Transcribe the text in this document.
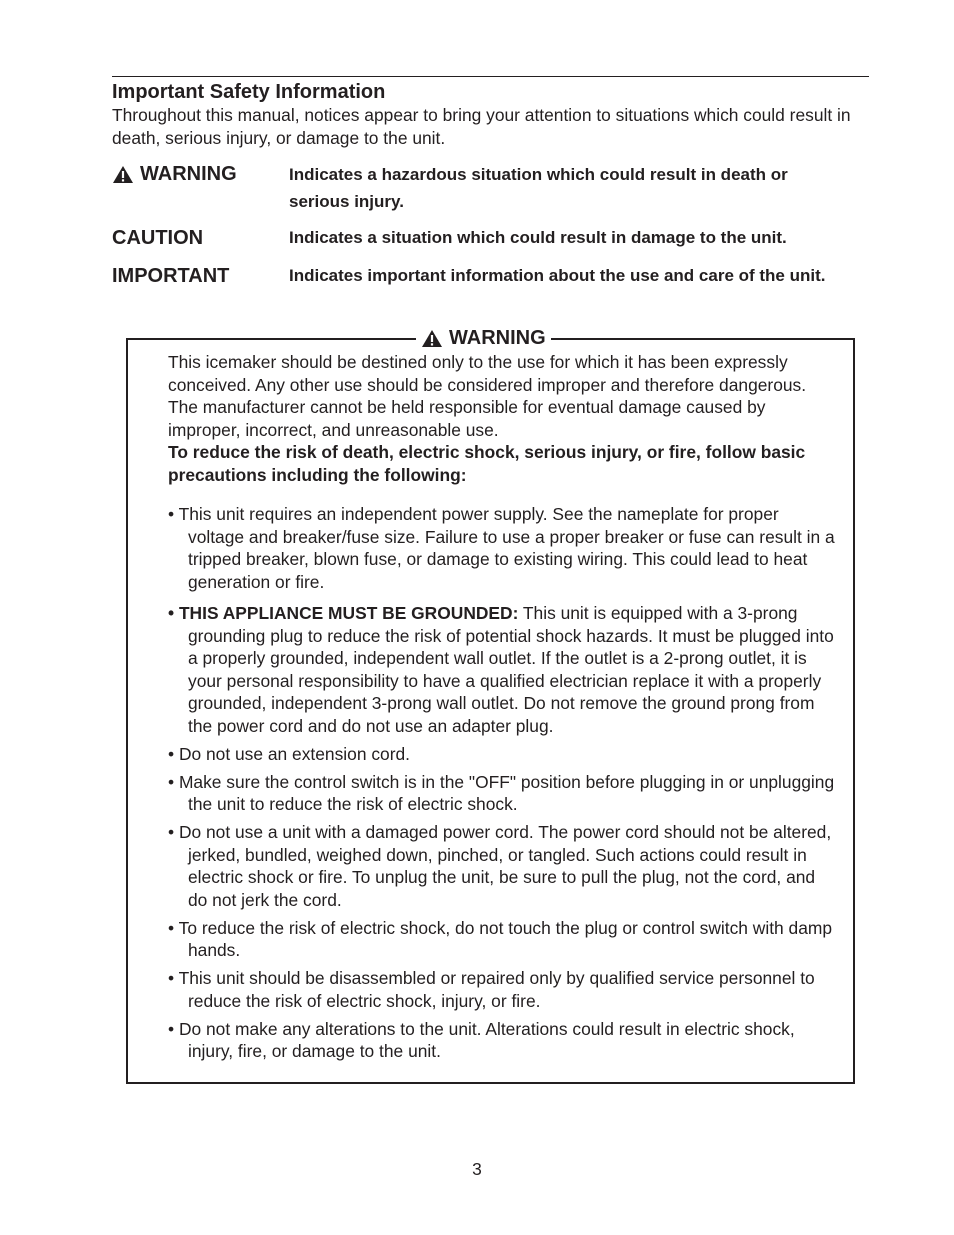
Important Safety Information

Throughout this manual, notices appear to bring your attention to situations which could result in death, serious injury, or damage to the unit.

WARNING	Indicates a hazardous situation which could result in death or serious injury.

CAUTION	Indicates a situation which could result in damage to the unit.

IMPORTANT	Indicates important information about the use and care of the unit.

WARNING

This icemaker should be destined only to the use for which it has been expressly conceived. Any other use should be considered improper and therefore dangerous. The manufacturer cannot be held responsible for eventual damage caused by improper, incorrect, and unreasonable use.

To reduce the risk of death, electric shock, serious injury, or fire, follow basic precautions including the following:

• This unit requires an independent power supply. See the nameplate for proper voltage and breaker/fuse size. Failure to use a proper breaker or fuse can result in a tripped breaker, blown fuse, or damage to existing wiring. This could lead to heat generation or fire.
• THIS APPLIANCE MUST BE GROUNDED: This unit is equipped with a 3-prong grounding plug to reduce the risk of potential shock hazards. It must be plugged into a properly grounded, independent wall outlet. If the outlet is a 2-prong outlet, it is your personal responsibility to have a qualified electrician replace it with a properly grounded, independent 3-prong wall outlet. Do not remove the ground prong from the power cord and do not use an adapter plug.
• Do not use an extension cord.
• Make sure the control switch is in the "OFF" position before plugging in or unplugging the unit to reduce the risk of electric shock.
• Do not use a unit with a damaged power cord. The power cord should not be altered, jerked, bundled, weighed down, pinched, or tangled. Such actions could result in electric shock or fire. To unplug the unit, be sure to pull the plug, not the cord, and do not jerk the cord.
• To reduce the risk of electric shock, do not touch the plug or control switch with damp hands.
• This unit should be disassembled or repaired only by qualified service personnel to reduce the risk of electric shock, injury, or fire.
• Do not make any alterations to the unit. Alterations could result in electric shock, injury, fire, or damage to the unit.
3
